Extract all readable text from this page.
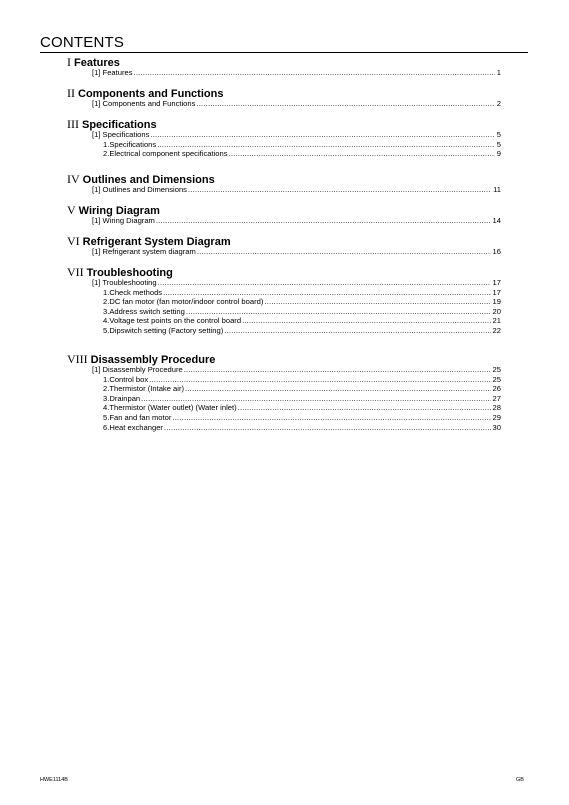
CONTENTS
I Features
[1] Features .....	1
II Components and Functions
[1] Components and Functions .....	2
III Specifications
[1] Specifications .....	5
1.Specifications .....	5
2.Electrical component specifications .....	9
IV Outlines and Dimensions
[1] Outlines and Dimensions .....	11
V Wiring Diagram
[1] Wiring Diagram .....	14
VI Refrigerant System Diagram
[1] Refrigerant system diagram .....	16
VII Troubleshooting
[1] Troubleshooting .....	17
1.Check methods .....	17
2.DC fan motor (fan motor/indoor control board) .....	19
3.Address switch setting .....	20
4.Voltage test points on the control board .....	21
5.Dipswitch setting (Factory setting) .....	22
VIII Disassembly Procedure
[1] Disassembly Procedure .....	25
1.Control box .....	25
2.Thermistor (Intake air) .....	26
3.Drainpan .....	27
4.Thermistor (Water outlet) (Water inlet) .....	28
5.Fan and fan motor .....	29
6.Heat exchanger .....	30
HWE1114B	GB
